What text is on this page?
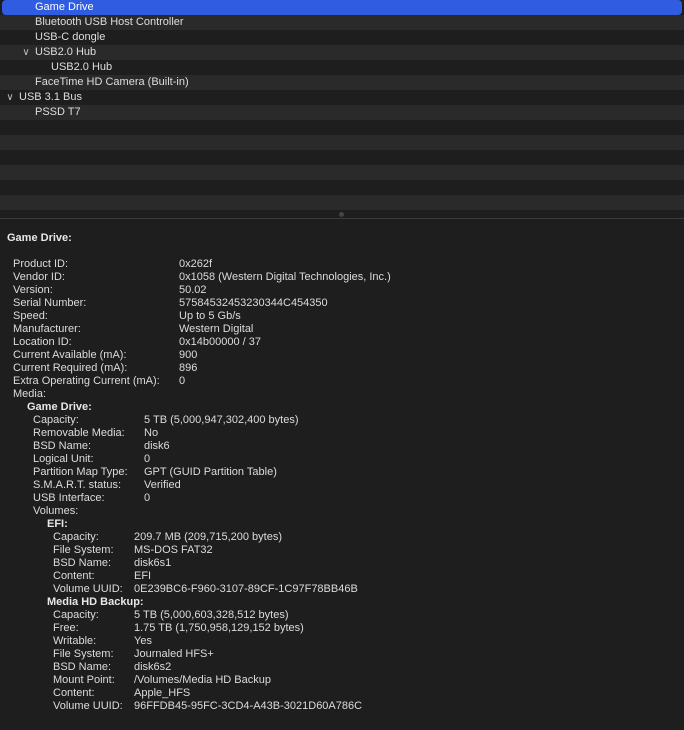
Game Drive
Bluetooth USB Host Controller
USB-C dongle
∨ USB2.0 Hub
USB2.0 Hub
FaceTime HD Camera (Built-in)
∨ USB 3.1 Bus
PSSD T7
Game Drive:
Product ID:	0x262f
Vendor ID:	0x1058 (Western Digital Technologies, Inc.)
Version:	50.02
Serial Number:	57584532453230344C454350
Speed:	Up to 5 Gb/s
Manufacturer:	Western Digital
Location ID:	0x14b00000 / 37
Current Available (mA):	900
Current Required (mA):	896
Extra Operating Current (mA): 0
Media:
Game Drive:
Capacity:	5 TB (5,000,947,302,400 bytes)
Removable Media: No
BSD Name:	disk6
Logical Unit:	0
Partition Map Type: GPT (GUID Partition Table)
S.M.A.R.T. status: Verified
USB Interface:	0
Volumes:
EFI:
Capacity:	209.7 MB (209,715,200 bytes)
File System: MS-DOS FAT32
BSD Name: disk6s1
Content:	EFI
Volume UUID: 0E239BC6-F960-3107-89CF-1C97F78BB46B
Media HD Backup:
Capacity:	5 TB (5,000,603,328,512 bytes)
Free:	1.75 TB (1,750,958,129,152 bytes)
Writable:	Yes
File System: Journaled HFS+
BSD Name: disk6s2
Mount Point: /Volumes/Media HD Backup
Content:	Apple_HFS
Volume UUID: 96FFDB45-95FC-3CD4-A43B-3021D60A786C
